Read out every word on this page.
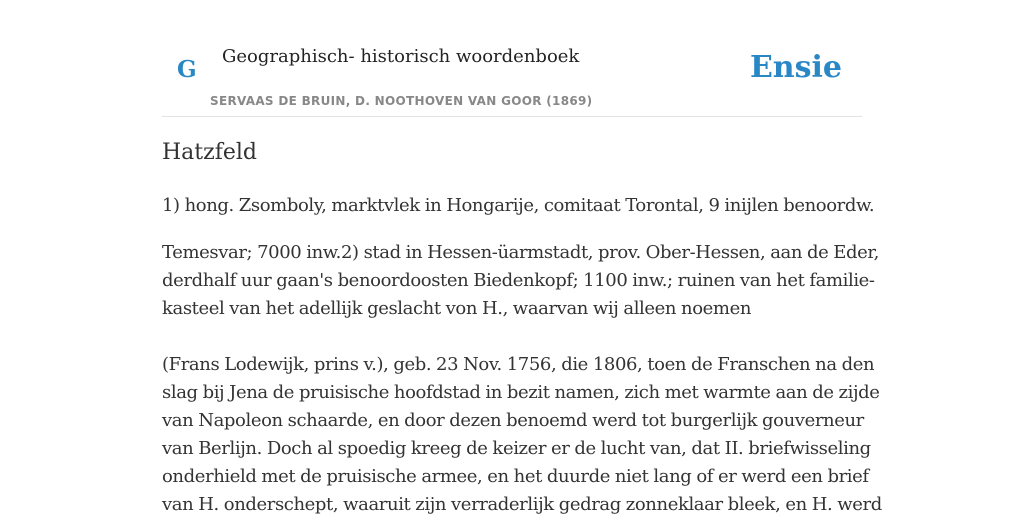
G Geographisch- historisch woordenboek
SERVAAS DE BRUIN, D. NOOTHOVEN VAN GOOR (1869)
Ensie
Hatzfeld

1) hong. Zsomboly, marktvlek in Hongarije, comitaat Torontal, 9 inijlen benoordw.

Temesvar; 7000 inw.2) stad in Hessen-üarmstadt, prov. Ober-Hessen, aan de Eder,
derdhalf uur gaan's benoordoosten Biedenkopf; 1100 inw.; ruinen van het familie-
kasteel van het adellijk geslacht von H., waarvan wij alleen noemen

(Frans Lodewijk, prins v.), geb. 23 Nov. 1756, die 1806, toen de Franschen na den
slag bij Jena de pruisische hoofdstad in bezit namen, zich met warmte aan de zijde
van Napoleon schaarde, en door dezen benoemd werd tot burgerlijk gouverneur
van Berlijn. Doch al spoedig kreeg de keizer er de lucht van, dat II. briefwisseling
onderhield met de pruisische armee, en het duurde niet lang of er werd een brief
van H. onderschept, waaruit zijn verraderlijk gedrag zonneklaar bleek, en H. werd
